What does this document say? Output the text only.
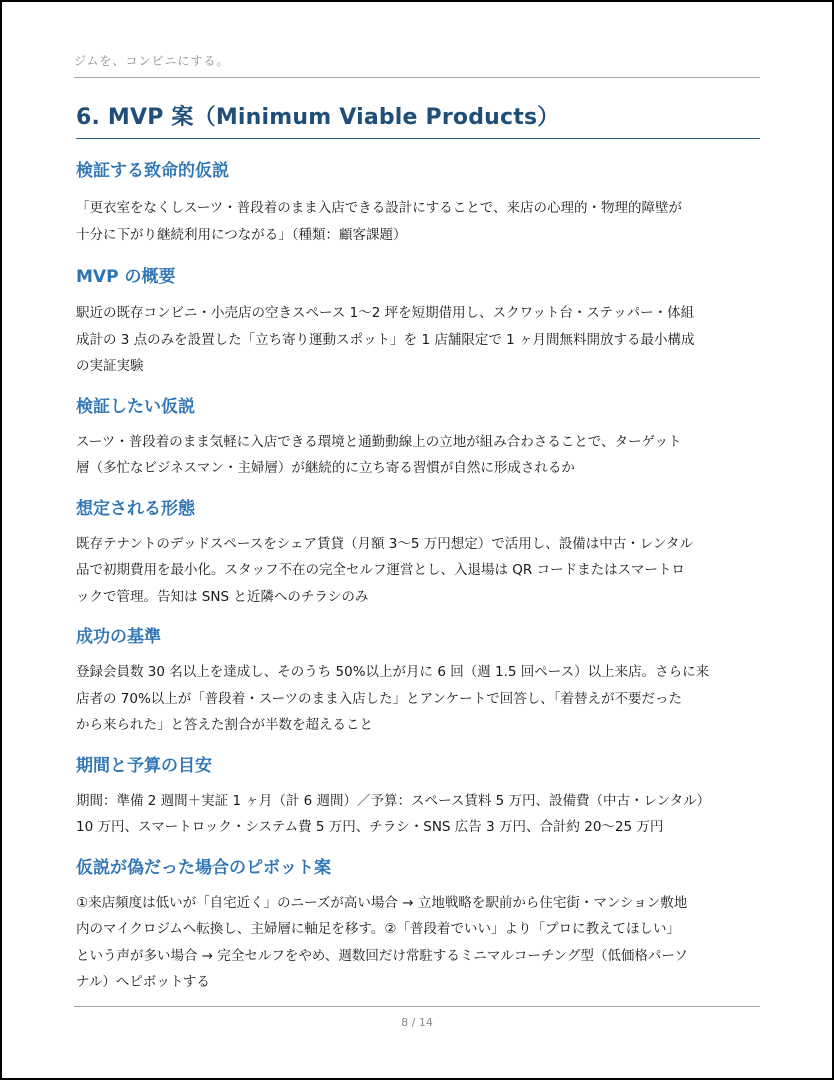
ジムを、コンビニにする。
6. MVP 案（Minimum Viable Products）
検証する致命的仮説

「更衣室をなくしスーツ・普段着のまま入店できる設計にすることで、来店の心理的・物理的障壁が

十分に下がり継続利用につながる」（種類：顧客課題）

MVP の概要

駅近の既存コンビニ・小売店の空きスペース 1〜2 坪を短期借用し、スクワット台・ステッパー・体組

成計の 3 点のみを設置した「立ち寄り運動スポット」を 1 店舗限定で 1 ヶ月間無料開放する最小構成

の実証実験

検証したい仮説

スーツ・普段着のまま気軽に入店できる環境と通勤動線上の立地が組み合わさることで、ターゲット

層（多忙なビジネスマン・主婦層）が継続的に立ち寄る習慣が自然に形成されるか

想定される形態

既存テナントのデッドスペースをシェア賃貸（月額 3〜5 万円想定）で活用し、設備は中古・レンタル

品で初期費用を最小化。スタッフ不在の完全セルフ運営とし、入退場は QR コードまたはスマートロ

ックで管理。告知は SNS と近隣へのチラシのみ

成功の基準

登録会員数 30 名以上を達成し、そのうち 50%以上が月に 6 回（週 1.5 回ペース）以上来店。さらに来

店者の 70%以上が「普段着・スーツのまま入店した」とアンケートで回答し、「着替えが不要だった

から来られた」と答えた割合が半数を超えること

期間と予算の目安

期間：準備 2 週間＋実証 1 ヶ月（計 6 週間）／予算：スペース賃料 5 万円、設備費（中古・レンタル）

10 万円、スマートロック・システム費 5 万円、チラシ・SNS 広告 3 万円、合計約 20〜25 万円

仮説が偽だった場合のピボット案

①来店頻度は低いが「自宅近く」のニーズが高い場合 → 立地戦略を駅前から住宅街・マンション敷地

内のマイクロジムへ転換し、主婦層に軸足を移す。②「普段着でいい」より「プロに教えてほしい」

という声が多い場合 → 完全セルフをやめ、週数回だけ常駐するミニマルコーチング型（低価格パーソ

ナル）へピボットする

8 / 14
